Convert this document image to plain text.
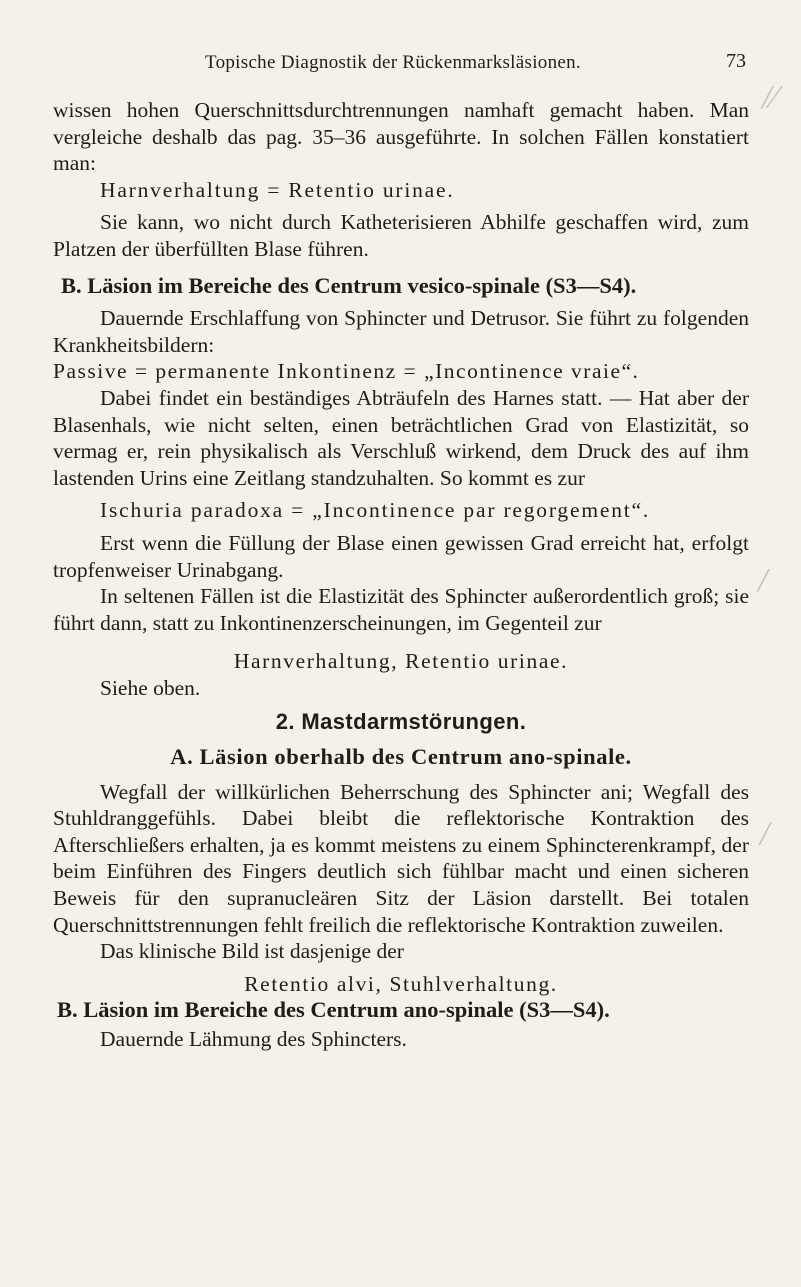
Topische Diagnostik der Rückenmarksläsionen.	73
/⁄
/
/

wissen hohen Querschnittsdurchtrennungen namhaft gemacht haben. Man vergleiche deshalb das pag. 35–36 ausgeführte. In solchen Fällen konstatiert man:

Harnverhaltung = Retentio urinae.

Sie kann, wo nicht durch Katheterisieren Abhilfe geschaffen wird, zum Platzen der überfüllten Blase führen.

B. Läsion im Bereiche des Centrum vesico-spinale (S3—S4).

Dauernde Erschlaffung von Sphincter und Detrusor. Sie führt zu folgenden Krankheitsbildern:

Passive = permanente Inkontinenz = „Incontinence vraie“.

Dabei findet ein beständiges Abträufeln des Harnes statt. — Hat aber der Blasenhals, wie nicht selten, einen beträchtlichen Grad von Elastizität, so vermag er, rein physikalisch als Verschluß wirkend, dem Druck des auf ihm lastenden Urins eine Zeitlang standzuhalten. So kommt es zur

Ischuria paradoxa = „Incontinence par regorgement“.

Erst wenn die Füllung der Blase einen gewissen Grad erreicht hat, erfolgt tropfenweiser Urinabgang.

In seltenen Fällen ist die Elastizität des Sphincter außerordentlich groß; sie führt dann, statt zu Inkontinenzerscheinungen, im Gegenteil zur

Harnverhaltung, Retentio urinae.

Siehe oben.

2. Mastdarmstörungen.

A. Läsion oberhalb des Centrum ano-spinale.

Wegfall der willkürlichen Beherrschung des Sphincter ani; Wegfall des Stuhldranggefühls. Dabei bleibt die reflektorische Kontraktion des Afterschließers erhalten, ja es kommt meistens zu einem Sphincterenkrampf, der beim Einführen des Fingers deutlich sich fühlbar macht und einen sicheren Beweis für den supranucleären Sitz der Läsion darstellt. Bei totalen Querschnittstrennungen fehlt freilich die reflektorische Kontraktion zuweilen.

Das klinische Bild ist dasjenige der

Retentio alvi, Stuhlverhaltung.

B. Läsion im Bereiche des Centrum ano-spinale (S3—S4).

Dauernde Lähmung des Sphincters.
